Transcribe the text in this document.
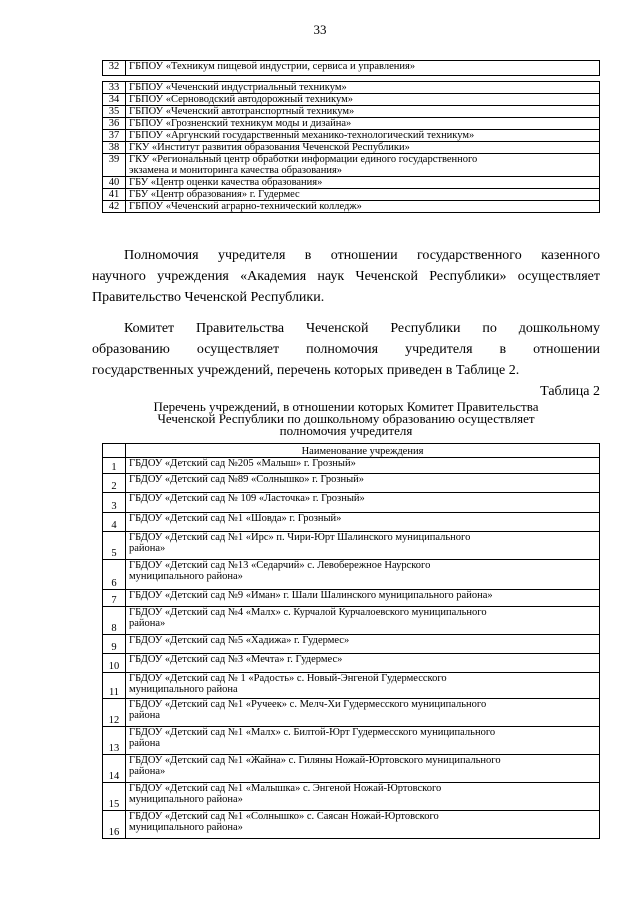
33
32	ГБПОУ «Техникум пищевой индустрии, сервиса и управления»

33	ГБПОУ «Чеченский индустриальный техникум»
34	ГБПОУ «Серноводский автодорожный техникум»
35	ГБПОУ «Чеченский автотранспортный техникум»
36	ГБПОУ «Грозненский техникум моды и дизайна»
37	ГБПОУ «Аргунский государственный механико-технологический техникум»
38	ГКУ «Институт развития образования Чеченской Республики»
39	ГКУ «Региональный центр обработки информации единого государственного
экзамена и мониторинга качества образования»
40	ГБУ «Центр оценки качества образования»
41	ГБУ «Центр образования» г. Гудермес
42	ГБПОУ «Чеченский аграрно-технический колледж»
Полномочия учредителя в отношении государственного казенного
научного учреждения «Академия наук Чеченской Республики» осуществляет
Правительство Чеченской Республики.
Комитет Правительства Чеченской Республики по дошкольному
образованию осуществляет полномочия учредителя в отношении
государственных учреждений, перечень которых приведен в Таблице 2.
Таблица 2
Перечень учреждений, в отношении которых Комитет Правительства
Чеченской Республики по дошкольному образованию осуществляет
полномочия учредителя
	Наименование учреждения
1	ГБДОУ «Детский сад №205 «Малыш» г. Грозный»
2	ГБДОУ «Детский сад №89 «Солнышко» г. Грозный»
3	ГБДОУ «Детский сад № 109 «Ласточка» г. Грозный»
4	ГБДОУ «Детский сад №1 «Шовда» г. Грозный»
5	ГБДОУ «Детский сад №1 «Ирс» п. Чири-Юрт Шалинского муниципального
района»
6	ГБДОУ «Детский сад №13 «Седарчий» с. Левобережное Наурского
муниципального района»
7	ГБДОУ «Детский сад №9 «Иман» г. Шали Шалинского муниципального района»
8	ГБДОУ «Детский сад №4 «Малх» с. Курчалой Курчалоевского муниципального
района»
9	ГБДОУ «Детский сад №5 «Хадижа» г. Гудермес»
10	ГБДОУ «Детский сад №3 «Мечта» г. Гудермес»
11	ГБДОУ «Детский сад № 1 «Радость» с. Новый-Энгеной Гудермесского
муниципального района
12	ГБДОУ «Детский сад №1 «Ручеек» с. Мелч-Хи Гудермесского муниципального
района
13	ГБДОУ «Детский сад №1 «Малх» с. Билтой-Юрт Гудермесского муниципального
района
14	ГБДОУ «Детский сад №1 «Жайна» с. Гиляны Ножай-Юртовского муниципального
района»
15	ГБДОУ «Детский сад №1 «Малышка» с. Энгеной Ножай-Юртовского
муниципального района»
16	ГБДОУ «Детский сад №1 «Солнышко» с. Саясан Ножай-Юртовского
муниципального района»
